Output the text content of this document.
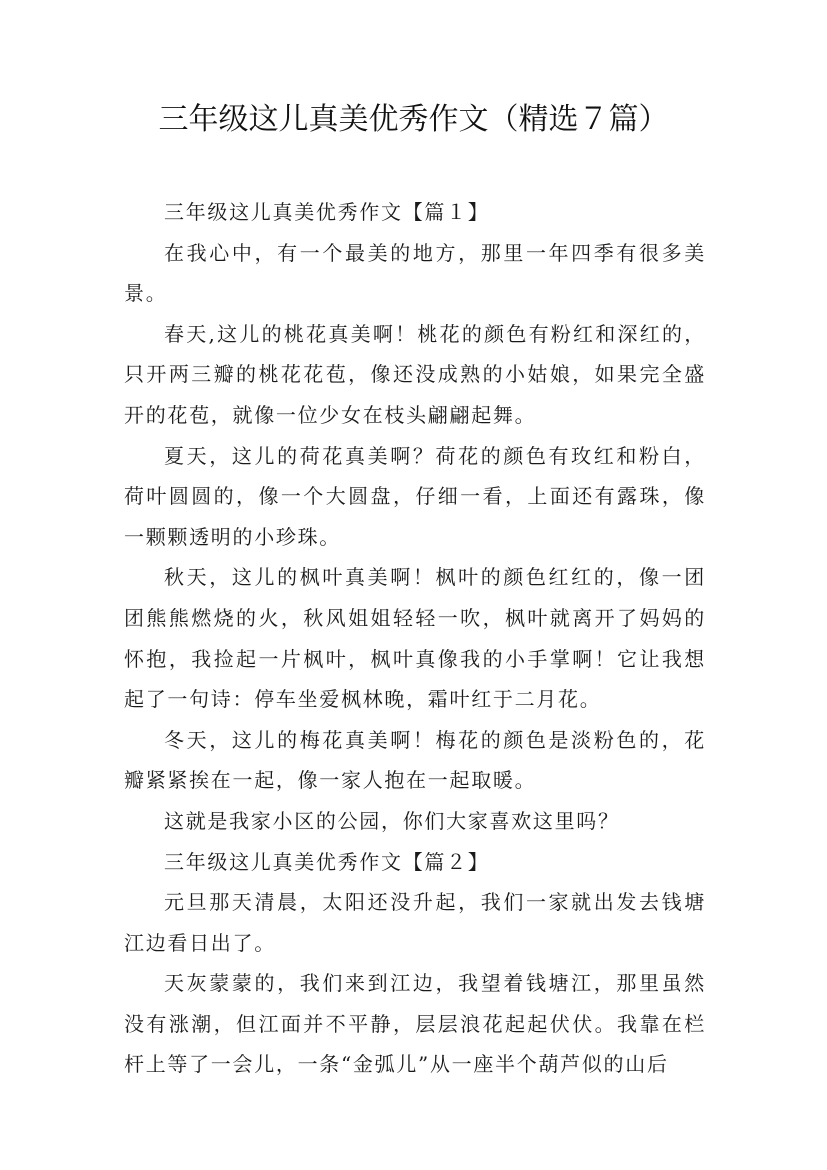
三年级这儿真美优秀作文（精选７篇）

三年级这儿真美优秀作文【篇１】

在我心中，有一个最美的地方，那里一年四季有很多美景。

春天,这儿的桃花真美啊！桃花的颜色有粉红和深红的，只开两三瓣的桃花花苞，像还没成熟的小姑娘，如果完全盛开的花苞，就像一位少女在枝头翩翩起舞。

夏天，这儿的荷花真美啊？荷花的颜色有玫红和粉白，荷叶圆圆的，像一个大圆盘，仔细一看，上面还有露珠，像一颗颗透明的小珍珠。

秋天，这儿的枫叶真美啊！枫叶的颜色红红的，像一团团熊熊燃烧的火，秋风姐姐轻轻一吹，枫叶就离开了妈妈的怀抱，我捡起一片枫叶，枫叶真像我的小手掌啊！它让我想起了一句诗：停车坐爱枫林晚，霜叶红于二月花。

冬天，这儿的梅花真美啊！梅花的颜色是淡粉色的，花瓣紧紧挨在一起，像一家人抱在一起取暖。

这就是我家小区的公园，你们大家喜欢这里吗？

三年级这儿真美优秀作文【篇２】

元旦那天清晨，太阳还没升起，我们一家就出发去钱塘江边看日出了。

天灰蒙蒙的，我们来到江边，我望着钱塘江，那里虽然没有涨潮，但江面并不平静，层层浪花起起伏伏。我靠在栏杆上等了一会儿，一条“金弧儿”从一座半个葫芦似的山后
